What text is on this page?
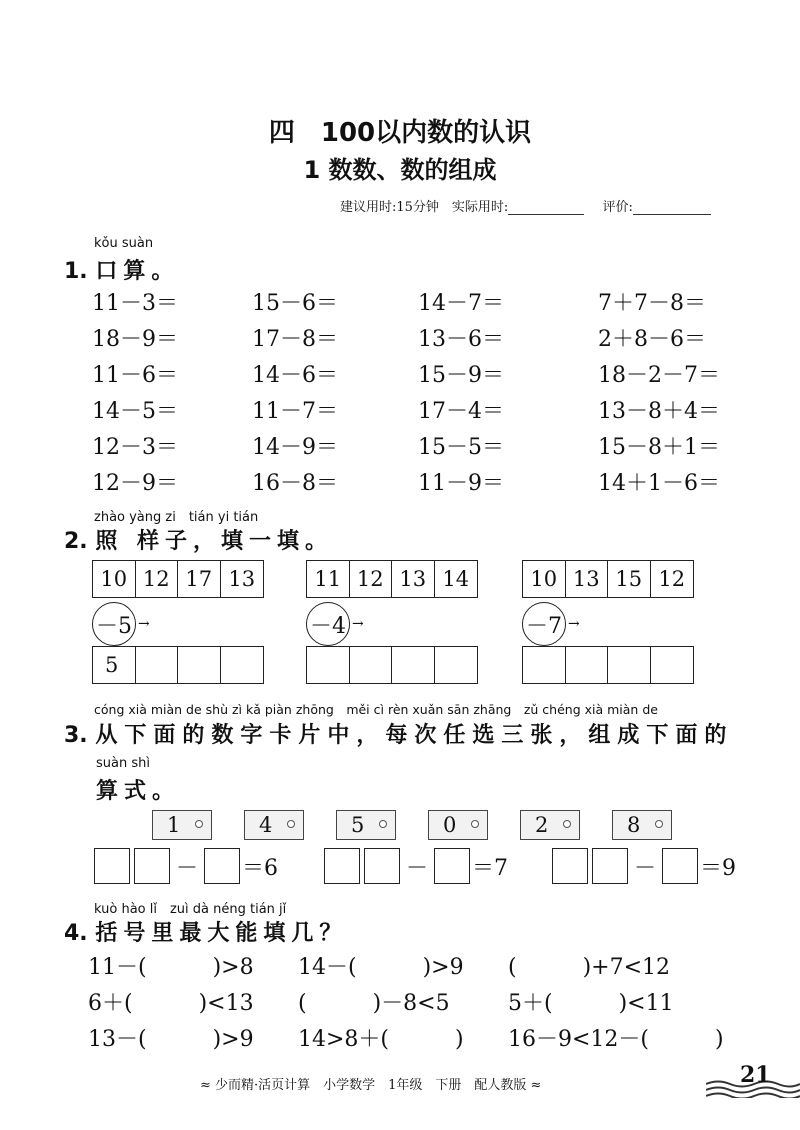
四　100以内数的认识
1 数数、数的组成
建议用时:15分钟　实际用时:	评价:
kǒu suàn
1. 口算。
11－3＝	15－6＝	14－7＝	7＋7－8＝
18－9＝	17－8＝	13－6＝	2＋8－6＝
11－6＝	14－6＝	15－9＝	18－2－7＝
14－5＝	11－7＝	17－4＝	13－8＋4＝
12－3＝	14－9＝	15－5＝	15－8＋1＝
12－9＝	16－8＝	11－9＝	14＋1－6＝
zhào yàng zi　tián yi tián
2. 照 样子，填一填。
10 12 17 13
－5 →
5
11 12 13 14
－4 →
10 13 15 12
－7 →
cóng xià miàn de shù zì kǎ piàn zhōng　měi cì rèn xuǎn sān zhāng　zǔ chéng xià miàn de
3. 从下面的数字卡片中，每次任选三张，组成下面的
suàn shì
算式。
1	4	5	0	2	8
－ ＝6	－ ＝7	－ ＝9
kuò hào lǐ　zuì dà néng tián jǐ
4. 括号里最大能填几？
11－(　　　)>8 14－(　　　)>9 (　　　)+7<12
6＋(　　　)<13 (　　　)－8<5	5＋(　　　)<11
13－(　　　)>9 14>8＋(　　　) 16－9<12－(　　　)
≈ 少而精·活页计算　小学数学　1年级　下册　配人教版 ≈	21
